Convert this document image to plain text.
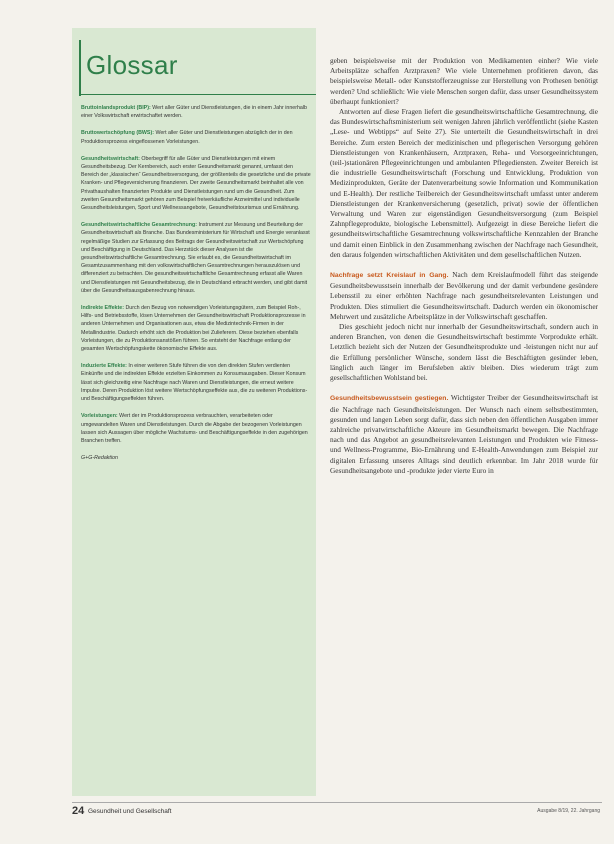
Glossar

Bruttoinlandsprodukt (BIP): Wert aller Güter und Dienstleistungen, die in einem Jahr innerhalb einer Volkswirtschaft erwirtschaftet werden.

Bruttowertschöpfung (BWS): Wert aller Güter und Dienstleistungen abzüglich der in den Produktionsprozess eingeflossenen Vorleistungen.

Gesundheitswirtschaft: Oberbegriff für alle Güter und Dienstleistungen mit einem Gesundheitsbezug. Der Kernbereich, auch erster Gesundheitsmarkt genannt, umfasst den Bereich der „klassischen“ Gesundheitsversorgung, der größtenteils die gesetzliche und die private Kranken- und Pflegeversicherung finanzieren. Der zweite Gesundheitsmarkt beinhaltet alle von Privathaushalten finanzierten Produkte und Dienstleistungen rund um die Gesundheit. Zum zweiten Gesundheitsmarkt gehören zum Beispiel freiverkäufliche Arzneimittel und individuelle Gesundheitsleistungen, Sport und Wellnessangebote, Gesundheitstourismus und Ernährung.

Gesundheitswirtschaftliche Gesamtrechnung: Instrument zur Messung und Beurteilung der Gesundheitswirtschaft als Branche. Das Bundesministerium für Wirtschaft und Energie veranlasst regelmäßige Studien zur Erfassung des Beitrags der Gesundheitswirtschaft zur Wertschöpfung und Beschäftigung in Deutschland. Das Herzstück dieser Analysen ist die gesundheitswirtschaftliche Gesamtrechnung. Sie erlaubt es, die Gesundheitswirtschaft im Gesamtzusammenhang mit den volkswirtschaftlichen Gesamtrechnungen herauszulösen und differenziert zu betrachten. Die gesundheitswirtschaftliche Gesamtrechnung erfasst alle Waren und Dienstleistungen mit Gesundheitsbezug, die in Deutschland erbracht werden, und gibt damit über die Gesundheitsausgabenrechnung hinaus.

Indirekte Effekte: Durch den Bezug von notwendigen Vorleistungsgütern, zum Beispiel Roh-, Hilfs- und Betriebsstoffe, lösen Unternehmen der Gesundheitswirtschaft Produktionsprozesse in anderen Unternehmen und Organisationen aus, etwa die Medizintechnik-Firmen in der Metallindustrie. Dadurch erhöht sich die Produktion bei Zulieferern. Diese beziehen ebenfalls Vorleistungen, die zu Produktionsanstößen führen. So entsteht der Nachfrage entlang der gesamten Wertschöpfungskette ökonomische Effekte aus.

Induzierte Effekte: In einer weiteren Stufe führen die von den direkten Stufen verdienten Einkünfte und die indirekten Effekte erzielten Einkommen zu Konsumausgaben. Dieser Konsum lässt sich gleichzeitig eine Nachfrage nach Waren und Dienstleistungen, die erneut weitere Impulse. Deren Produktion löst weitere Wertschöpfungseffekte aus, die zu weiteren Produktions- und Beschäftigungseffekten führen.

Vorleistungen: Wert der im Produktionsprozess verbrauchten, verarbeiteten oder umgewandelten Waren und Dienstleistungen. Durch die Abgabe der bezogenen Vorleistungen lassen sich Aussagen über mögliche Wachstums- und Beschäftigungseffekte in den zugehörigen Branchen treffen.

G+G-Redaktion

geben beispielsweise mit der Produktion von Medikamenten einher? Wie viele Arbeitsplätze schaffen Arztpraxen? Wie viele Unternehmen profitieren davon, das beispielsweise Metall- oder Kunststofferzeugnisse zur Herstellung von Prothesen benötigt werden? Und schließlich: Wie viele Menschen sorgen dafür, dass unser Gesundheitssystem überhaupt funktioniert?

Antworten auf diese Fragen liefert die gesundheitswirtschaftliche Gesamtrechnung, die das Bundeswirtschaftsministerium seit wenigen Jahren jährlich veröffentlicht (siehe Kasten „Lese- und Webtipps“ auf Seite 27). Sie unterteilt die Gesundheitswirtschaft in drei Bereiche. Zum ersten Bereich der medizinischen und pflegerischen Versorgung gehören Dienstleistungen von Krankenhäusern, Arztpraxen, Reha- und Vorsorgeeinrichtungen, (teil-)stationären Pflegeeinrichtungen und ambulanten Pflegediensten. Zweiter Bereich ist die industrielle Gesundheitswirtschaft (Forschung und Entwicklung, Produktion von Medizinprodukten, Geräte der Datenverarbeitung sowie Information und Kommunikation und E-Health). Der restliche Teilbereich der Gesundheitswirtschaft umfasst unter anderem Dienstleistungen der Krankenversicherung (gesetzlich, privat) sowie der öffentlichen Verwaltung und Waren zur eigenständigen Gesundheitsversorgung (zum Beispiel Zahnpflegeprodukte, biologische Lebensmittel). Aufgezeigt in diese Bereiche liefert die gesundheitswirtschaftliche Gesamtrechnung volkswirtschaftliche Kennzahlen der Branche und damit einen Einblick in den Zusammenhang zwischen der Nachfrage nach Gesundheit, den daraus folgenden wirtschaftlichen Aktivitäten und dem gesellschaftlichen Nutzen.

Nachfrage setzt Kreislauf in Gang. Nach dem Kreislaufmodell führt das steigende Gesundheitsbewusstsein innerhalb der Bevölkerung und der damit verbundene gesündere Lebensstil zu einer erhöhten Nachfrage nach gesundheitsrelevanten Leistungen und Produkten. Dies stimuliert die Gesundheitswirtschaft. Dadurch werden ein ökonomischer Mehrwert und zusätzliche Arbeitsplätze in der Volkswirtschaft geschaffen.

Dies geschieht jedoch nicht nur innerhalb der Gesundheitswirtschaft, sondern auch in anderen Branchen, von denen die Gesundheitswirtschaft bestimmte Vorprodukte erhält. Letztlich bezieht sich der Nutzen der Gesundheitsprodukte und -leistungen nicht nur auf die Erfüllung persönlicher Wünsche, sondern lässt die Beschäftigten gesünder leben, länglich auch länger im Berufsleben aktiv bleiben. Dies wiederum trägt zum gesellschaftlichen Wohlstand bei.

Gesundheitsbewusstsein gestiegen. Wichtigster Treiber der Gesundheitswirtschaft ist die Nachfrage nach Gesundheitsleistungen. Der Wunsch nach einem selbstbestimmten, gesunden und langen Leben sorgt dafür, dass sich neben den öffentlichen Ausgaben immer zahlreiche privatwirtschaftliche Akteure im Gesundheitsmarkt bewegen. Die Nachfrage nach und das Angebot an gesundheitsrelevanten Leistungen und Produkten wie Fitness- und Wellness-Programme, Bio-Ernährung und E-Health-Anwendungen zum Beispiel zur digitalen Erfassung unseres Alltags sind deutlich erkennbar. Im Jahr 2018 wurde für Gesundheitsangebote und -produkte jeder vierte Euro in

24 Gesundheit und Gesellschaft	Ausgabe 8/19, 22. Jahrgang
